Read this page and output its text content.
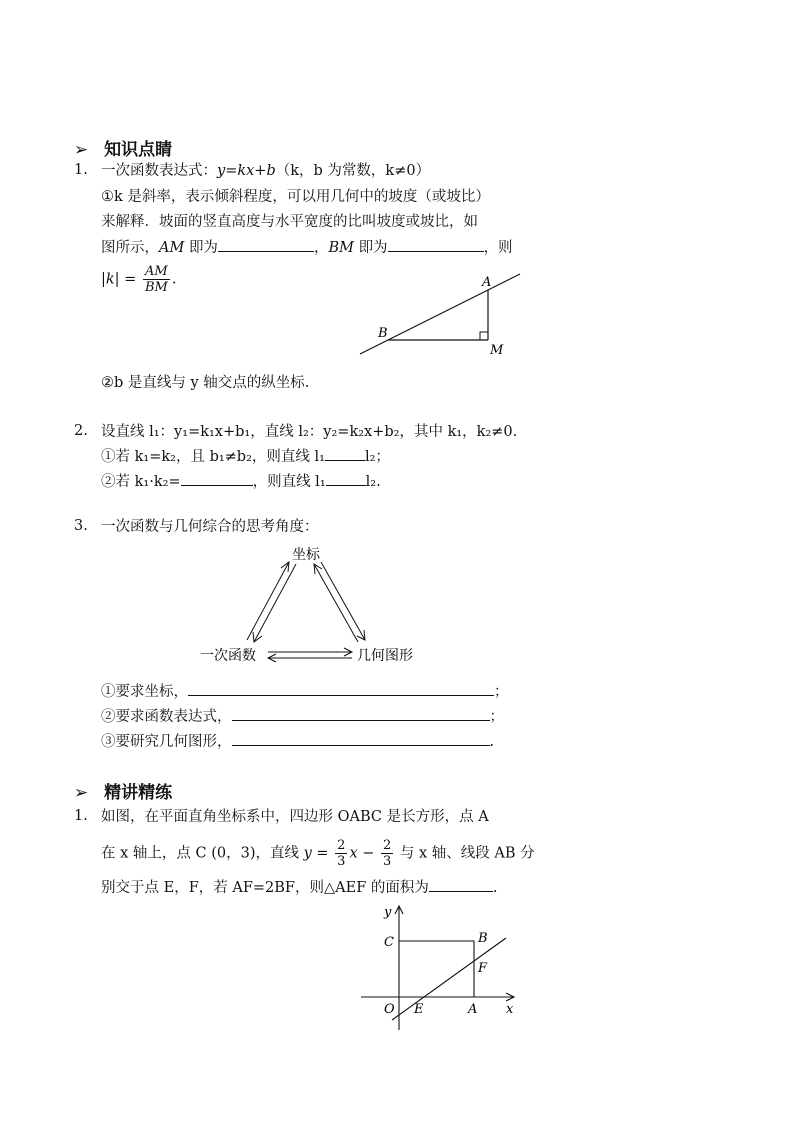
➢ 知识点睛
1. 一次函数表达式：y=kx+b（k，b 为常数，k≠0）
①k 是斜率，表示倾斜程度，可以用几何中的坡度（或坡比）
来解释．坡面的竖直高度与水平宽度的比叫坡度或坡比，如
图所示，AM 即为	，BM 即为	，则
$|k| = \frac{AM}{BM}$ .	A
B
M
②b 是直线与 y 轴交点的纵坐标.
2. 设直线 l₁：y₁=k₁x+b₁，直线 l₂：y₂=k₂x+b₂，其中 k₁，k₂≠0.
①若 k₁=k₂，且 b₁≠b₂，则直线 l₁	l₂；
②若 k₁·k₂=	，则直线 l₁	l₂.
3. 一次函数与几何综合的思考角度：
坐标
一次函数	几何图形
①要求坐标，	；
②要求函数表达式，	；
③要研究几何图形，	.
➢ 精讲精练
1. 如图，在平面直角坐标系中，四边形 OABC 是长方形，点 A
在 x 轴上，点 C (0，3)，直线 $y = \frac{2}{3}$ $x - \frac{2}{3}$ 与 x 轴、线段 AB 分
别交于点 E，F，若 AF=2BF，则△AEF 的面积为	.
y
x
C	B
F
O E	A
